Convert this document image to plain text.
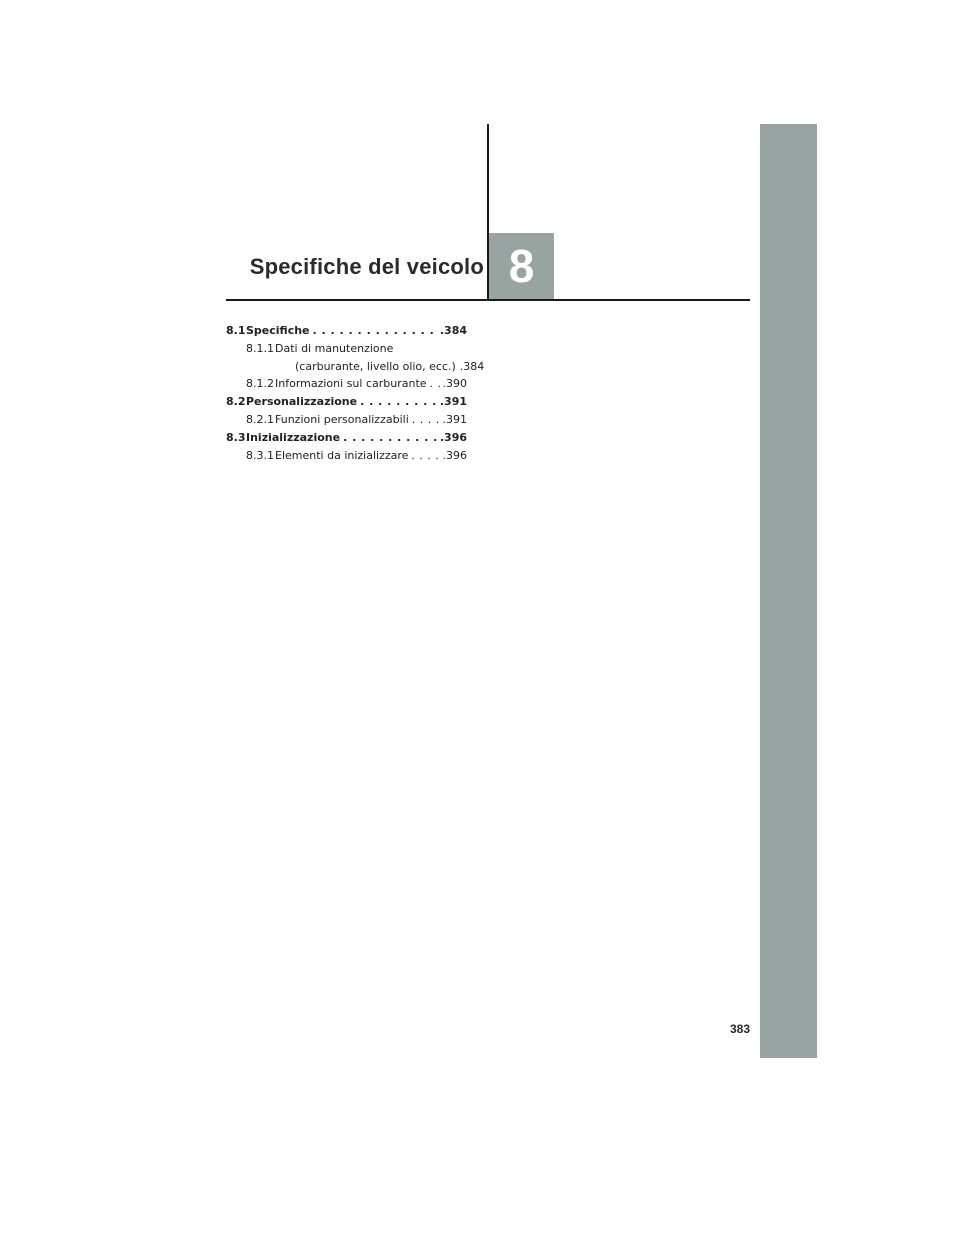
Specifiche del veicolo 8
8.1 Specifiche . . .	.384
8.1.1 Dati di manutenzione
(carburante, livello olio, ecc.) .384
8.1.2 Informazioni sul carburante . . . .390
8.2 Personalizzazione . . .	.391
8.2.1 Funzioni personalizzabili . . .	.391
8.3 Inizializzazione . . .	.396
8.3.1 Elementi da inizializzare . . .	.396
383
